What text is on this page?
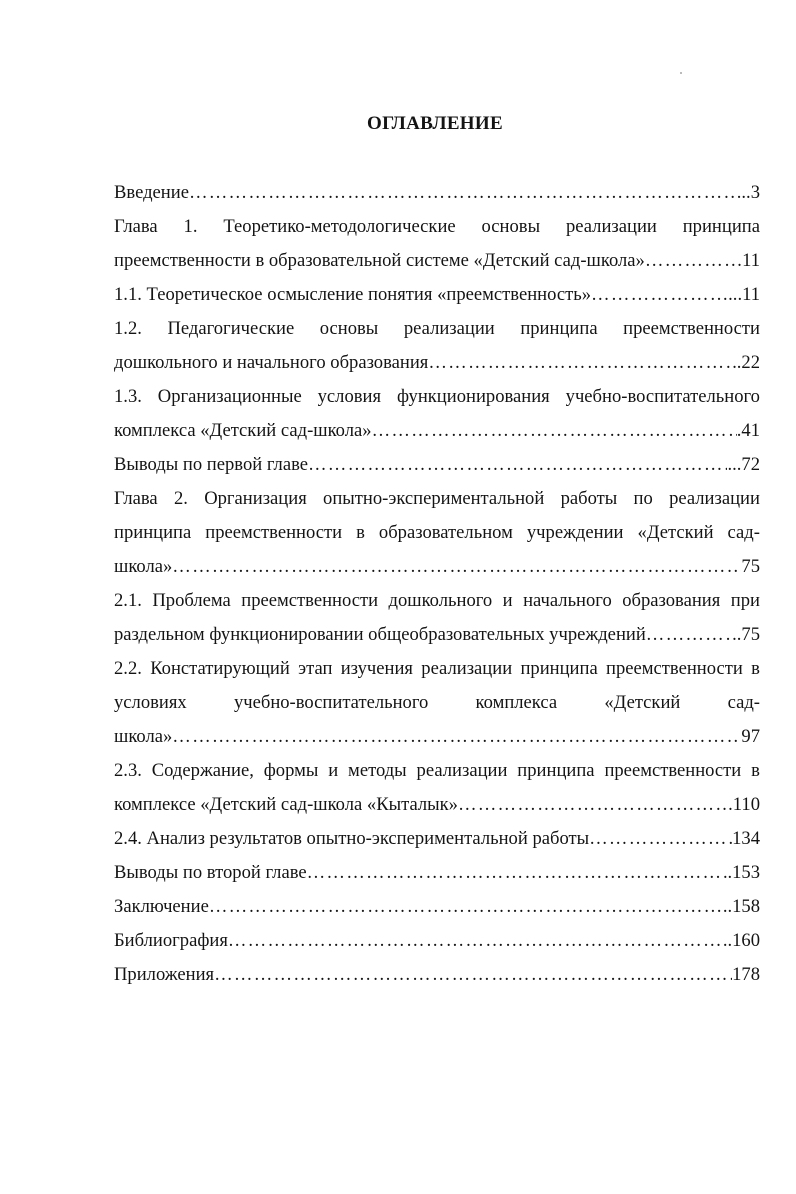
ОГЛАВЛЕНИЕ
Введение ……………………………………………………………………………………………………………………………………………………	...3
Глава 1. Теоретико-методологические основы реализации принципа
преемственности в образовательной системе «Детский сад-школа» ……………………………………………………………………………………………………………………………………………………	11
1.1. Теоретическое осмысление понятия «преемственность» ……………………………………………………………………………………………………………………………………………………	...11
1.2. Педагогические основы реализации принципа преемственности
дошкольного и начального образования ……………………………………………………………………………………………………………………………………………………	.22
1.3. Организационные условия функционирования учебно-воспитательного
комплекса «Детский сад-школа» ……………………………………………………………………………………………………………………………………………………	.41
Выводы по первой главе ……………………………………………………………………………………………………………………………………………………	...72
Глава 2. Организация опытно-экспериментальной работы по реализации
принципа преемственности в образовательном учреждении «Детский сад-
школа» ……………………………………………………………………………………………………………………………………………………	75
2.1. Проблема преемственности дошкольного и начального образования при
раздельном функционировании общеобразовательных учреждений ……………………………………………………………………………………………………………………………………………………	..75
2.2. Констатирующий этап изучения реализации принципа преемственности в
условиях	учебно-воспитательного	комплекса	«Детский	сад-
школа» ……………………………………………………………………………………………………………………………………………………	97
2.3. Содержание, формы и методы реализации принципа преемственности в
комплексе «Детский сад-школа «Кыталык» ……………………………………………………………………………………………………………………………………………………	.110
2.4. Анализ результатов опытно-экспериментальной работы ……………………………………………………………………………………………………………………………………………………	134
Выводы по второй главе ……………………………………………………………………………………………………………………………………………………	.153
Заключение ……………………………………………………………………………………………………………………………………………………	..158
Библиография ……………………………………………………………………………………………………………………………………………………	..160
Приложения ……………………………………………………………………………………………………………………………………………………	178
